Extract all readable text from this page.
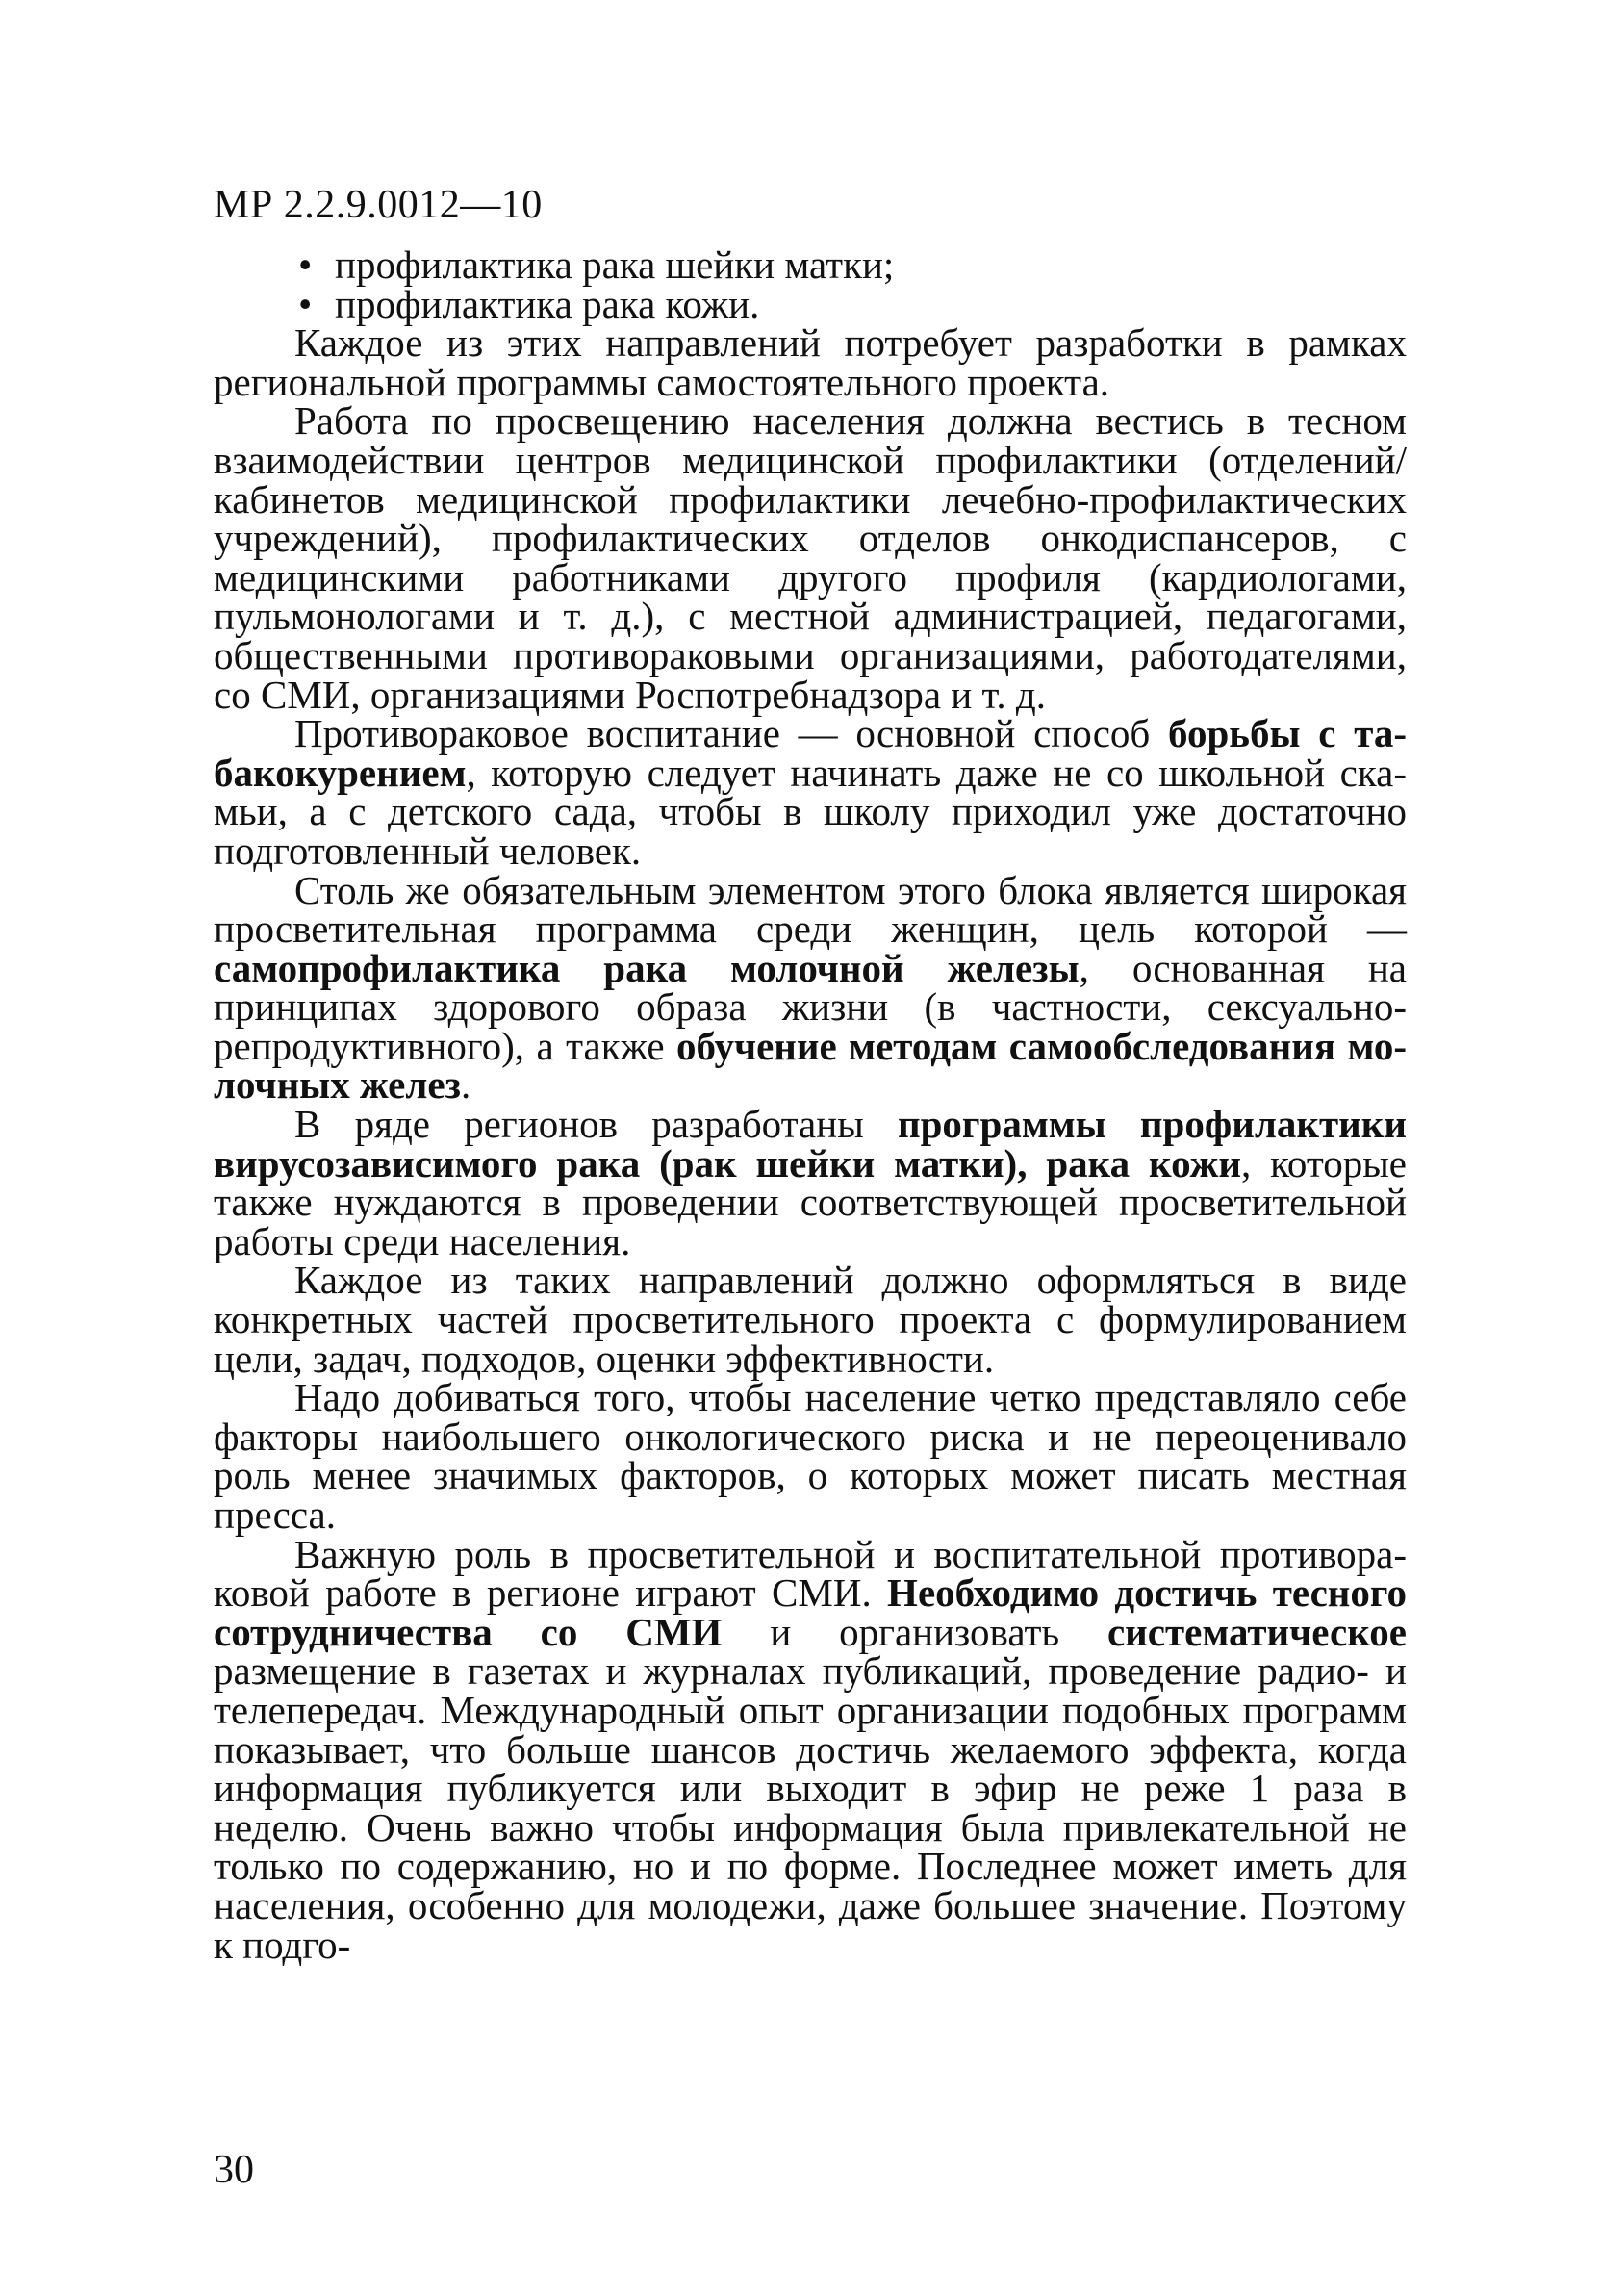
МР 2.2.9.0012—10
• профилактика рака шейки матки;
• профилактика рака кожи.

Каждое из этих направлений потребует разработки в рамках региональной программы самостоятельного проекта.

Работа по просвещению населения должна вестись в тесном взаимодействии центров медицинской профилактики (отделений/кабинетов медицинской профилактики лечебно-профилактических учреждений), профилактических отделов онкодиспансеров, с медицинскими работниками другого профиля (кардиологами, пульмонологами и т. д.), с местной администрацией, педагогами, общественными противораковыми организациями, работодателями, со СМИ, организациями Роспотребнадзора и т. д.

Противораковое воспитание — основной способ борьбы с табакокурением, которую следует начинать даже не со школьной скамьи, а с детского сада, чтобы в школу приходил уже достаточно подготовленный человек.

Столь же обязательным элементом этого блока является широкая просветительная программа среди женщин, цель которой — самопрофилактика рака молочной железы, основанная на принципах здорового образа жизни (в частности, сексуально-репродуктивного), а также обучение методам самообследования молочных желез.

В ряде регионов разработаны программы профилактики вирусозависимого рака (рак шейки матки), рака кожи, которые также нуждаются в проведении соответствующей просветительной работы среди населения.

Каждое из таких направлений должно оформляться в виде конкретных частей просветительного проекта с формулированием цели, задач, подходов, оценки эффективности.

Надо добиваться того, чтобы население четко представляло себе факторы наибольшего онкологического риска и не переоценивало роль менее значимых факторов, о которых может писать местная пресса.

Важную роль в просветительной и воспитательной противораковой работе в регионе играют СМИ. Необходимо достичь тесного сотрудничества со СМИ и организовать систематическое размещение в газетах и журналах публикаций, проведение радио- и телепередач. Международный опыт организации подобных программ показывает, что больше шансов достичь желаемого эффекта, когда информация публикуется или выходит в эфир не реже 1 раза в неделю. Очень важно чтобы информация была привлекательной не только по содержанию, но и по форме. Последнее может иметь для населения, особенно для молодежи, даже большее значение. Поэтому к подго-

30
